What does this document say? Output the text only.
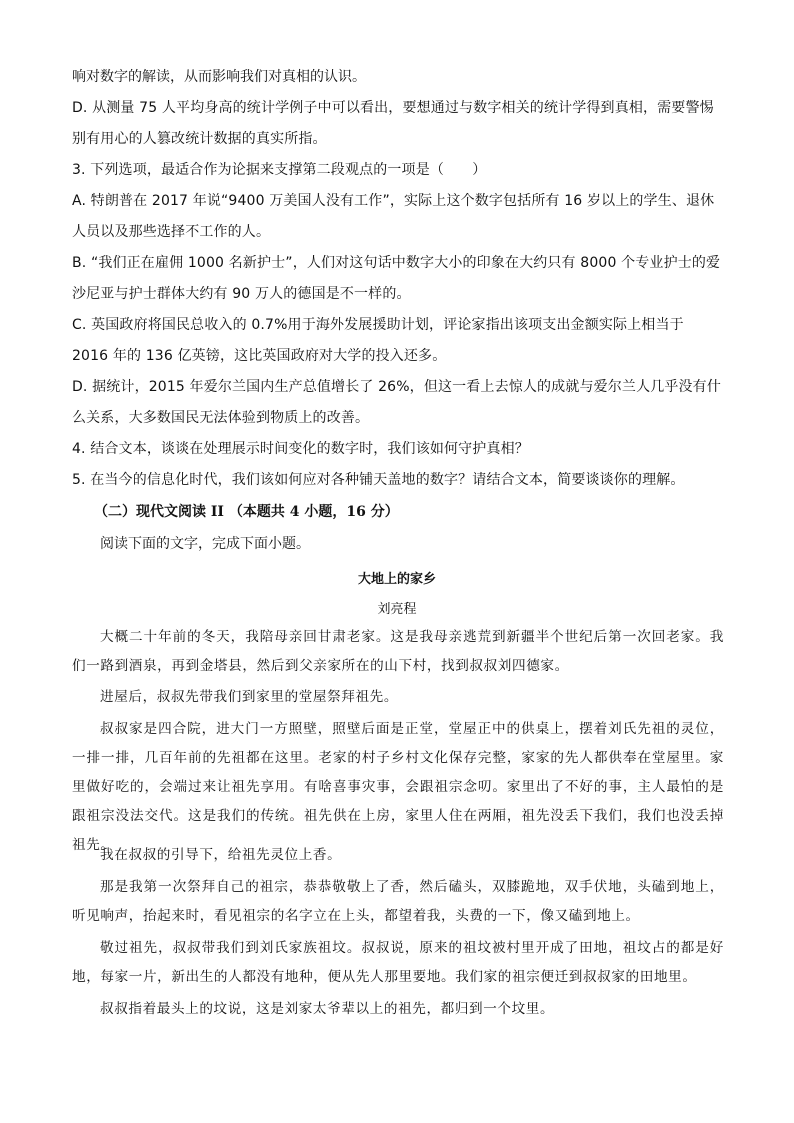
响对数字的解读，从而影响我们对真相的认识。
D. 从测量 75 人平均身高的统计学例子中可以看出，要想通过与数字相关的统计学得到真相，需要警惕别有用心的人篡改统计数据的真实所指。
3. 下列选项，最适合作为论据来支撑第二段观点的一项是（　　）
A. 特朗普在 2017 年说“9400 万美国人没有工作”，实际上这个数字包括所有 16 岁以上的学生、退休人员以及那些选择不工作的人。
B. “我们正在雇佣 1000 名新护士”，人们对这句话中数字大小的印象在大约只有 8000 个专业护士的爱沙尼亚与护士群体大约有 90 万人的德国是不一样的。
C. 英国政府将国民总收入的 0.7%用于海外发展援助计划，评论家指出该项支出金额实际上相当于 2016 年的 136 亿英镑，这比英国政府对大学的投入还多。
D. 据统计，2015 年爱尔兰国内生产总值增长了 26%，但这一看上去惊人的成就与爱尔兰人几乎没有什么关系，大多数国民无法体验到物质上的改善。
4. 结合文本，谈谈在处理展示时间变化的数字时，我们该如何守护真相？
5. 在当今的信息化时代，我们该如何应对各种铺天盖地的数字？请结合文本，简要谈谈你的理解。
（二）现代文阅读 II （本题共 4 小题，16 分）
阅读下面的文字，完成下面小题。
大地上的家乡
刘亮程
大概二十年前的冬天，我陪母亲回甘肃老家。这是我母亲逃荒到新疆半个世纪后第一次回老家。我们一路到酒泉，再到金塔县，然后到父亲家所在的山下村，找到叔叔刘四德家。
进屋后，叔叔先带我们到家里的堂屋祭拜祖先。
叔叔家是四合院，进大门一方照壁，照壁后面是正堂，堂屋正中的供桌上，摆着刘氏先祖的灵位，一排一排，几百年前的先祖都在这里。老家的村子乡村文化保存完整，家家的先人都供奉在堂屋里。家里做好吃的，会端过来让祖先享用。有啥喜事灾事，会跟祖宗念叨。家里出了不好的事，主人最怕的是跟祖宗没法交代。这是我们的传统。祖先供在上房，家里人住在两厢，祖先没丢下我们，我们也没丢掉祖先。
我在叔叔的引导下，给祖先灵位上香。
那是我第一次祭拜自己的祖宗，恭恭敬敬上了香，然后磕头，双膝跪地，双手伏地，头磕到地上，听见响声，抬起来时，看见祖宗的名字立在上头，都望着我，头费的一下，像又磕到地上。
敬过祖先，叔叔带我们到刘氏家族祖坟。叔叔说，原来的祖坟被村里开成了田地，祖坟占的都是好地，每家一片，新出生的人都没有地种，便从先人那里要地。我们家的祖宗便迁到叔叔家的田地里。
叔叔指着最头上的坟说，这是刘家太爷辈以上的祖先，都归到一个坟里。
